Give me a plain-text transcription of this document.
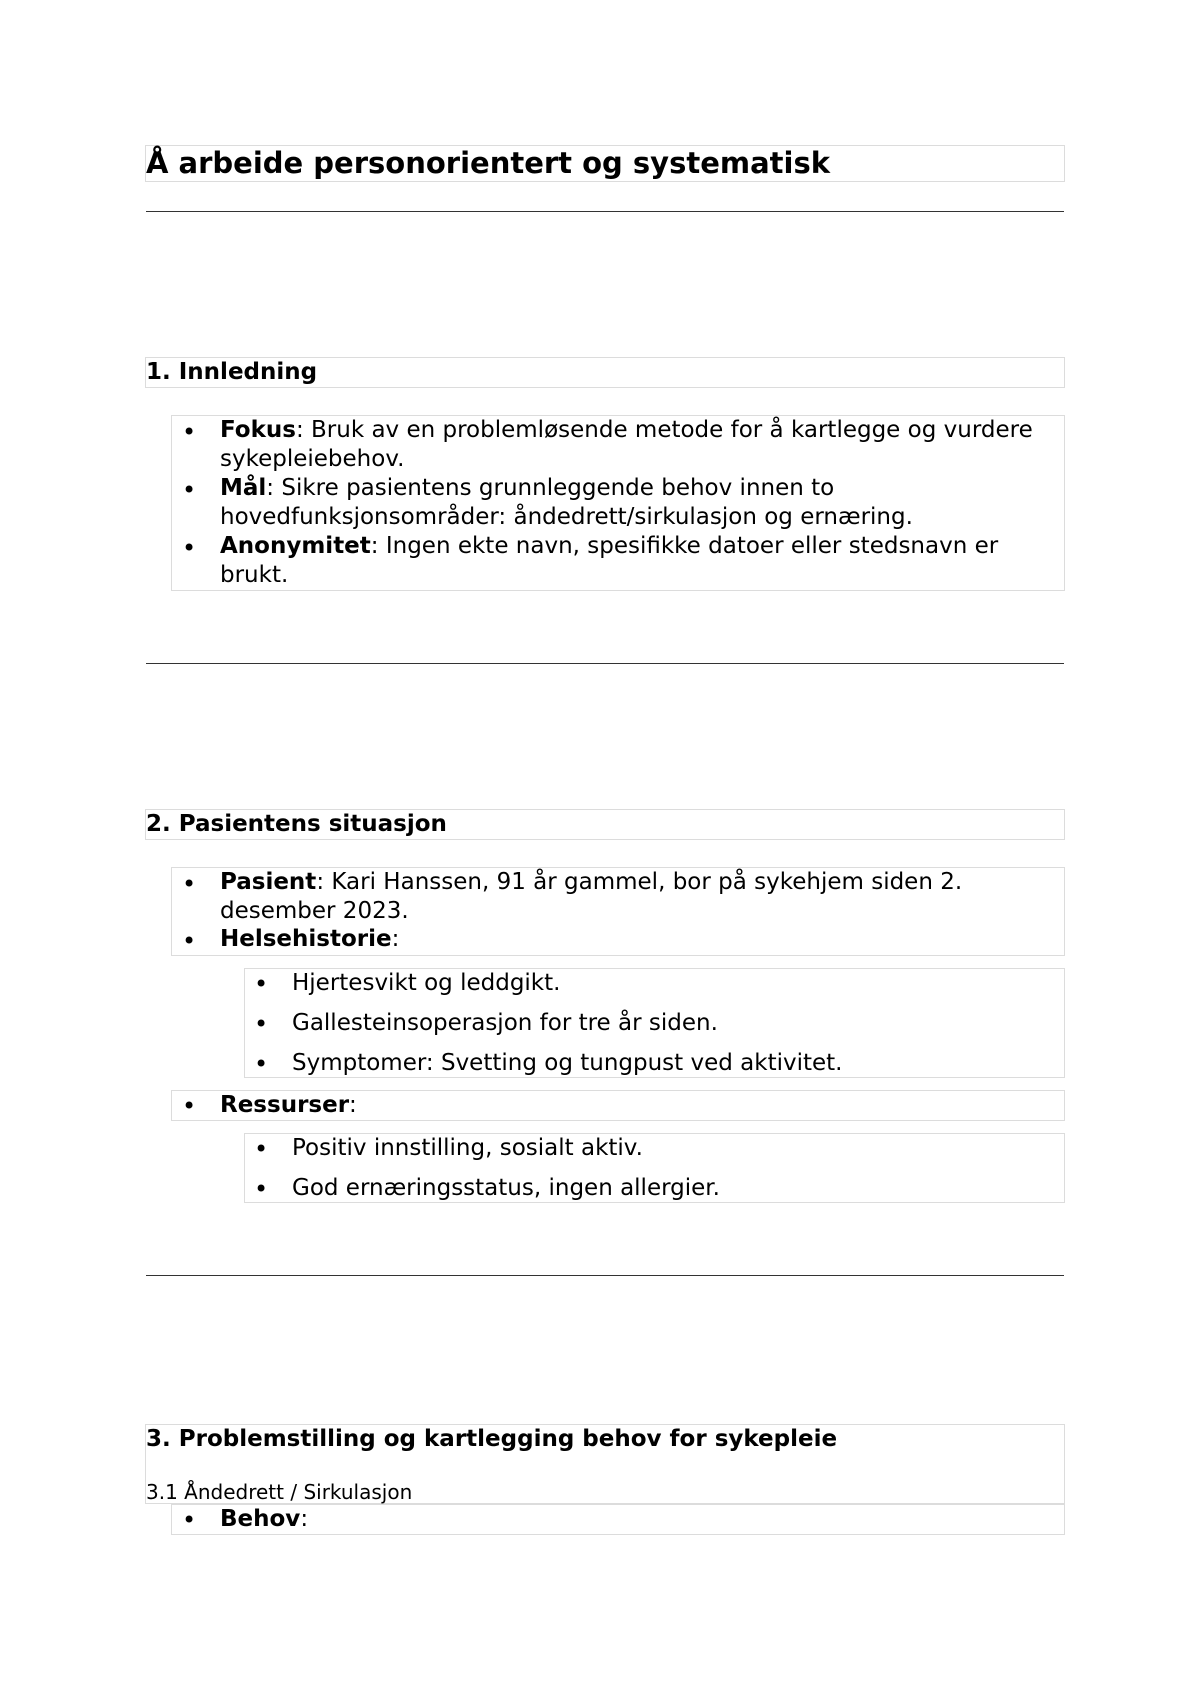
Å arbeide personorientert og systematisk
1. Innledning
• Fokus: Bruk av en problemløsende metode for å kartlegge og vurdere sykepleiebehov.
• Mål: Sikre pasientens grunnleggende behov innen to hovedfunksjonsområder: åndedrett/sirkulasjon og ernæring.
• Anonymitet: Ingen ekte navn, spesifikke datoer eller stedsnavn er brukt.
2. Pasientens situasjon
• Pasient: Kari Hanssen, 91 år gammel, bor på sykehjem siden 2. desember 2023.
• Helsehistorie:
• Hjertesvikt og leddgikt.
• Gallesteinsoperasjon for tre år siden.
• Symptomer: Svetting og tungpust ved aktivitet.
• Ressurser:
• Positiv innstilling, sosialt aktiv.
• God ernæringsstatus, ingen allergier.
3. Problemstilling og kartlegging behov for sykepleie
3.1 Åndedrett / Sirkulasjon
• Behov:
